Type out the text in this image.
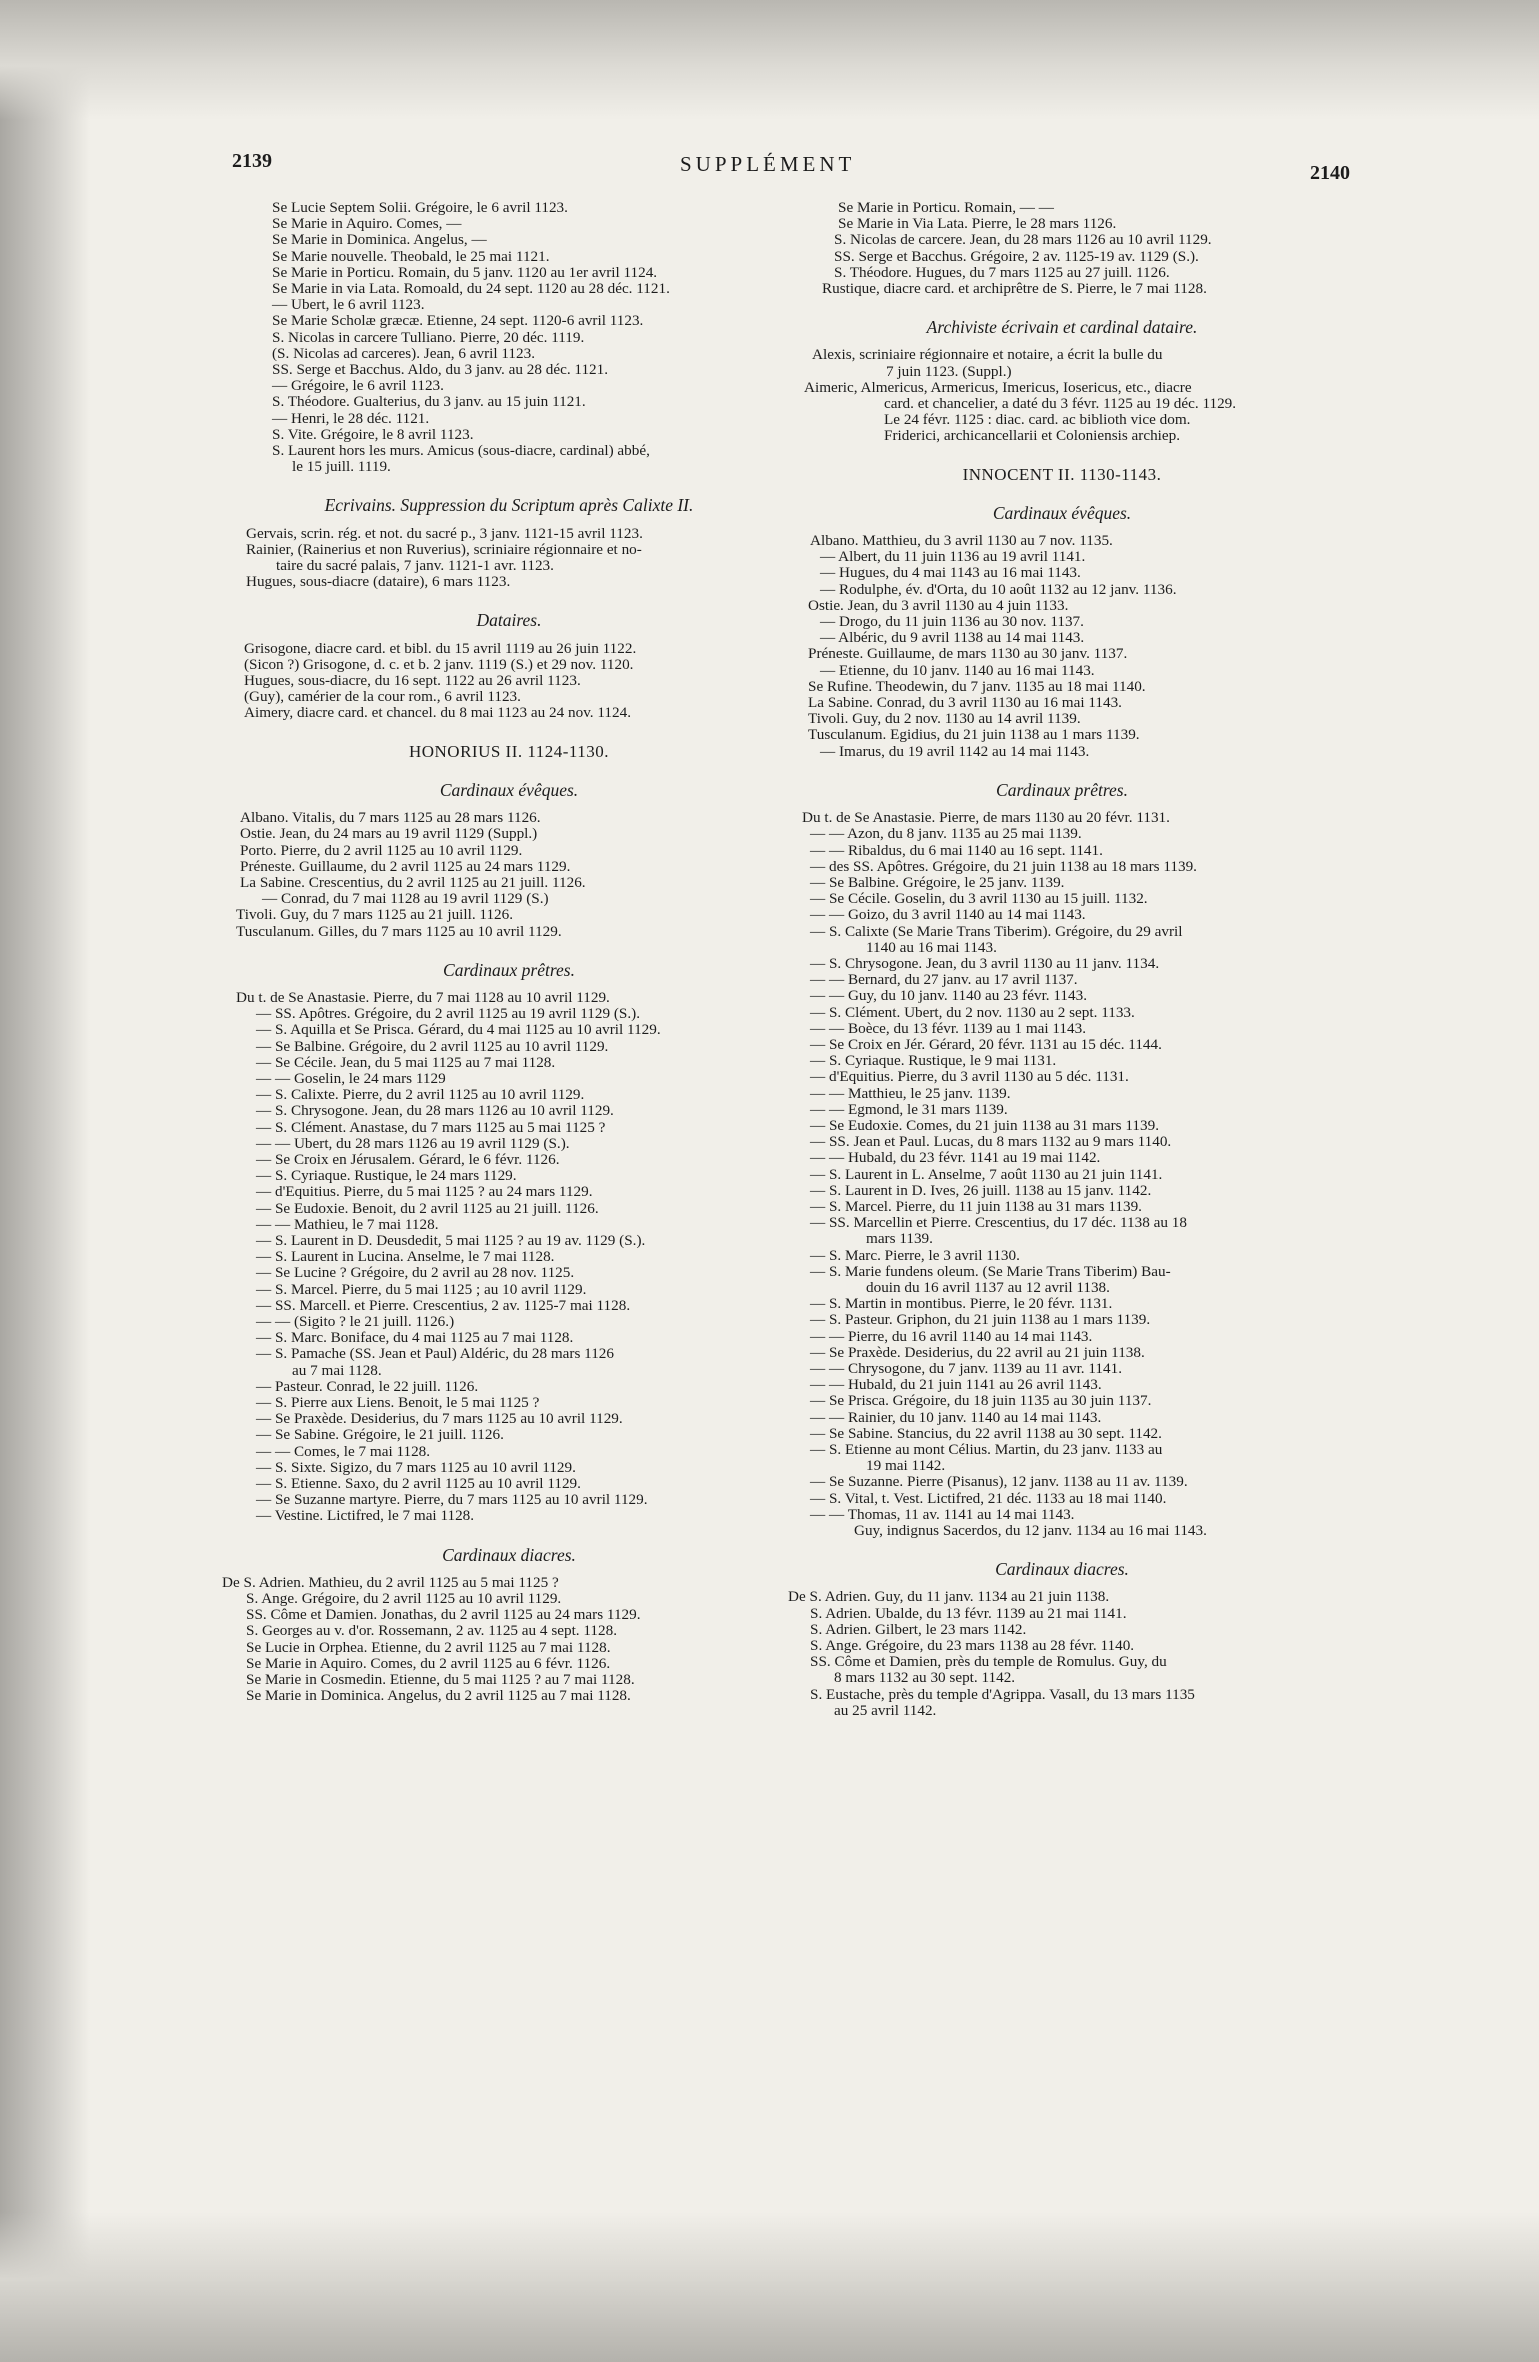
2139	SUPPLÉMENT	2140
Se Lucie Septem Solii. Grégoire, le 6 avril 1123.
Se Marie in Aquiro. Comes, —
Se Marie in Dominica. Angelus, —
Se Marie nouvelle. Theobald, le 25 mai 1121.
Se Marie in Porticu. Romain, du 5 janv. 1120 au 1er avril 1124.
Se Marie in via Lata. Romoald, du 24 sept. 1120 au 28 déc. 1121.
— Ubert, le 6 avril 1123.
Se Marie Scholæ græcæ. Etienne, 24 sept. 1120-6 avril 1123.
S. Nicolas in carcere Tulliano. Pierre, 20 déc. 1119.
(S. Nicolas ad carceres). Jean, 6 avril 1123.
SS. Serge et Bacchus. Aldo, du 3 janv. au 28 déc. 1121.
— Grégoire, le 6 avril 1123.
S. Théodore. Gualterius, du 3 janv. au 15 juin 1121.
— Henri, le 28 déc. 1121.
S. Vite. Grégoire, le 8 avril 1123.
S. Laurent hors les murs. Amicus (sous-diacre, cardinal) abbé,
le 15 juill. 1119.
Ecrivains. Suppression du Scriptum après Calixte II.
Gervais, scrin. rég. et not. du sacré p., 3 janv. 1121-15 avril 1123.
Rainier, (Rainerius et non Ruverius), scriniaire régionnaire et no-
taire du sacré palais, 7 janv. 1121-1 avr. 1123.
Hugues, sous-diacre (dataire), 6 mars 1123.
Dataires.
Grisogone, diacre card. et bibl. du 15 avril 1119 au 26 juin 1122.
(Sicon ?) Grisogone, d. c. et b. 2 janv. 1119 (S.) et 29 nov. 1120.
Hugues, sous-diacre, du 16 sept. 1122 au 26 avril 1123.
(Guy), camérier de la cour rom., 6 avril 1123.
Aimery, diacre card. et chancel. du 8 mai 1123 au 24 nov. 1124.
HONORIUS II. 1124-1130.
Cardinaux évêques.
Albano. Vitalis, du 7 mars 1125 au 28 mars 1126.
Ostie. Jean, du 24 mars au 19 avril 1129 (Suppl.)
Porto. Pierre, du 2 avril 1125 au 10 avril 1129.
Préneste. Guillaume, du 2 avril 1125 au 24 mars 1129.
La Sabine. Crescentius, du 2 avril 1125 au 21 juill. 1126.
— Conrad, du 7 mai 1128 au 19 avril 1129 (S.)
Tivoli. Guy, du 7 mars 1125 au 21 juill. 1126.
Tusculanum. Gilles, du 7 mars 1125 au 10 avril 1129.
Cardinaux prêtres.
Du t. de Se Anastasie. Pierre, du 7 mai 1128 au 10 avril 1129.
— SS. Apôtres. Grégoire, du 2 avril 1125 au 19 avril 1129 (S.).
— S. Aquilla et Se Prisca. Gérard, du 4 mai 1125 au 10 avril 1129.
— Se Balbine. Grégoire, du 2 avril 1125 au 10 avril 1129.
— Se Cécile. Jean, du 5 mai 1125 au 7 mai 1128.
— — Goselin, le 24 mars 1129
— S. Calixte. Pierre, du 2 avril 1125 au 10 avril 1129.
— S. Chrysogone. Jean, du 28 mars 1126 au 10 avril 1129.
— S. Clément. Anastase, du 7 mars 1125 au 5 mai 1125 ?
— — Ubert, du 28 mars 1126 au 19 avril 1129 (S.).
— Se Croix en Jérusalem. Gérard, le 6 févr. 1126.
— S. Cyriaque. Rustique, le 24 mars 1129.
— d'Equitius. Pierre, du 5 mai 1125 ? au 24 mars 1129.
— Se Eudoxie. Benoit, du 2 avril 1125 au 21 juill. 1126.
— — Mathieu, le 7 mai 1128.
— S. Laurent in D. Deusdedit, 5 mai 1125 ? au 19 av. 1129 (S.).
— S. Laurent in Lucina. Anselme, le 7 mai 1128.
— Se Lucine ? Grégoire, du 2 avril au 28 nov. 1125.
— S. Marcel. Pierre, du 5 mai 1125 ; au 10 avril 1129.
— SS. Marcell. et Pierre. Crescentius, 2 av. 1125-7 mai 1128.
— — (Sigito ? le 21 juill. 1126.)
— S. Marc. Boniface, du 4 mai 1125 au 7 mai 1128.
— S. Pamache (SS. Jean et Paul) Aldéric, du 28 mars 1126
au 7 mai 1128.
— Pasteur. Conrad, le 22 juill. 1126.
— S. Pierre aux Liens. Benoit, le 5 mai 1125 ?
— Se Praxède. Desiderius, du 7 mars 1125 au 10 avril 1129.
— Se Sabine. Grégoire, le 21 juill. 1126.
— — Comes, le 7 mai 1128.
— S. Sixte. Sigizo, du 7 mars 1125 au 10 avril 1129.
— S. Etienne. Saxo, du 2 avril 1125 au 10 avril 1129.
— Se Suzanne martyre. Pierre, du 7 mars 1125 au 10 avril 1129.
— Vestine. Lictifred, le 7 mai 1128.
Cardinaux diacres.
De S. Adrien. Mathieu, du 2 avril 1125 au 5 mai 1125 ?
S. Ange. Grégoire, du 2 avril 1125 au 10 avril 1129.
SS. Côme et Damien. Jonathas, du 2 avril 1125 au 24 mars 1129.
S. Georges au v. d'or. Rossemann, 2 av. 1125 au 4 sept. 1128.
Se Lucie in Orphea. Etienne, du 2 avril 1125 au 7 mai 1128.
Se Marie in Aquiro. Comes, du 2 avril 1125 au 6 févr. 1126.
Se Marie in Cosmedin. Etienne, du 5 mai 1125 ? au 7 mai 1128.
Se Marie in Dominica. Angelus, du 2 avril 1125 au 7 mai 1128.
Se Marie in Porticu. Romain, — —
Se Marie in Via Lata. Pierre, le 28 mars 1126.
S. Nicolas de carcere. Jean, du 28 mars 1126 au 10 avril 1129.
SS. Serge et Bacchus. Grégoire, 2 av. 1125-19 av. 1129 (S.).
S. Théodore. Hugues, du 7 mars 1125 au 27 juill. 1126.
Rustique, diacre card. et archiprêtre de S. Pierre, le 7 mai 1128.
Archiviste écrivain et cardinal dataire.
Alexis, scriniaire régionnaire et notaire, a écrit la bulle du
7 juin 1123. (Suppl.)
Aimeric, Almericus, Armericus, Imericus, Iosericus, etc., diacre
card. et chancelier, a daté du 3 févr. 1125 au 19 déc. 1129.
Le 24 févr. 1125 : diac. card. ac biblioth vice dom.
Friderici, archicancellarii et Coloniensis archiep.
INNOCENT II. 1130-1143.
Cardinaux évêques.
Albano. Matthieu, du 3 avril 1130 au 7 nov. 1135.
— Albert, du 11 juin 1136 au 19 avril 1141.
— Hugues, du 4 mai 1143 au 16 mai 1143.
— Rodulphe, év. d'Orta, du 10 août 1132 au 12 janv. 1136.
Ostie. Jean, du 3 avril 1130 au 4 juin 1133.
— Drogo, du 11 juin 1136 au 30 nov. 1137.
— Albéric, du 9 avril 1138 au 14 mai 1143.
Préneste. Guillaume, de mars 1130 au 30 janv. 1137.
— Etienne, du 10 janv. 1140 au 16 mai 1143.
Se Rufine. Theodewin, du 7 janv. 1135 au 18 mai 1140.
La Sabine. Conrad, du 3 avril 1130 au 16 mai 1143.
Tivoli. Guy, du 2 nov. 1130 au 14 avril 1139.
Tusculanum. Egidius, du 21 juin 1138 au 1 mars 1139.
— Imarus, du 19 avril 1142 au 14 mai 1143.
Cardinaux prêtres.
Du t. de Se Anastasie. Pierre, de mars 1130 au 20 févr. 1131.
— — Azon, du 8 janv. 1135 au 25 mai 1139.
— — Ribaldus, du 6 mai 1140 au 16 sept. 1141.
— des SS. Apôtres. Grégoire, du 21 juin 1138 au 18 mars 1139.
— Se Balbine. Grégoire, le 25 janv. 1139.
— Se Cécile. Goselin, du 3 avril 1130 au 15 juill. 1132.
— — Goizo, du 3 avril 1140 au 14 mai 1143.
— S. Calixte (Se Marie Trans Tiberim). Grégoire, du 29 avril
1140 au 16 mai 1143.
— S. Chrysogone. Jean, du 3 avril 1130 au 11 janv. 1134.
— — Bernard, du 27 janv. au 17 avril 1137.
— — Guy, du 10 janv. 1140 au 23 févr. 1143.
— S. Clément. Ubert, du 2 nov. 1130 au 2 sept. 1133.
— — Boèce, du 13 févr. 1139 au 1 mai 1143.
— Se Croix en Jér. Gérard, 20 févr. 1131 au 15 déc. 1144.
— S. Cyriaque. Rustique, le 9 mai 1131.
— d'Equitius. Pierre, du 3 avril 1130 au 5 déc. 1131.
— — Matthieu, le 25 janv. 1139.
— — Egmond, le 31 mars 1139.
— Se Eudoxie. Comes, du 21 juin 1138 au 31 mars 1139.
— SS. Jean et Paul. Lucas, du 8 mars 1132 au 9 mars 1140.
— — Hubald, du 23 févr. 1141 au 19 mai 1142.
— S. Laurent in L. Anselme, 7 août 1130 au 21 juin 1141.
— S. Laurent in D. Ives, 26 juill. 1138 au 15 janv. 1142.
— S. Marcel. Pierre, du 11 juin 1138 au 31 mars 1139.
— SS. Marcellin et Pierre. Crescentius, du 17 déc. 1138 au 18
mars 1139.
— S. Marc. Pierre, le 3 avril 1130.
— S. Marie fundens oleum. (Se Marie Trans Tiberim) Bau-
douin du 16 avril 1137 au 12 avril 1138.
— S. Martin in montibus. Pierre, le 20 févr. 1131.
— S. Pasteur. Griphon, du 21 juin 1138 au 1 mars 1139.
— — Pierre, du 16 avril 1140 au 14 mai 1143.
— Se Praxède. Desiderius, du 22 avril au 21 juin 1138.
— — Chrysogone, du 7 janv. 1139 au 11 avr. 1141.
— — Hubald, du 21 juin 1141 au 26 avril 1143.
— Se Prisca. Grégoire, du 18 juin 1135 au 30 juin 1137.
— — Rainier, du 10 janv. 1140 au 14 mai 1143.
— Se Sabine. Stancius, du 22 avril 1138 au 30 sept. 1142.
— S. Etienne au mont Célius. Martin, du 23 janv. 1133 au
19 mai 1142.
— Se Suzanne. Pierre (Pisanus), 12 janv. 1138 au 11 av. 1139.
— S. Vital, t. Vest. Lictifred, 21 déc. 1133 au 18 mai 1140.
— — Thomas, 11 av. 1141 au 14 mai 1143.
Guy, indignus Sacerdos, du 12 janv. 1134 au 16 mai 1143.
Cardinaux diacres.
De S. Adrien. Guy, du 11 janv. 1134 au 21 juin 1138.
S. Adrien. Ubalde, du 13 févr. 1139 au 21 mai 1141.
S. Adrien. Gilbert, le 23 mars 1142.
S. Ange. Grégoire, du 23 mars 1138 au 28 févr. 1140.
SS. Côme et Damien, près du temple de Romulus. Guy, du
8 mars 1132 au 30 sept. 1142.
S. Eustache, près du temple d'Agrippa. Vasall, du 13 mars 1135
au 25 avril 1142.
